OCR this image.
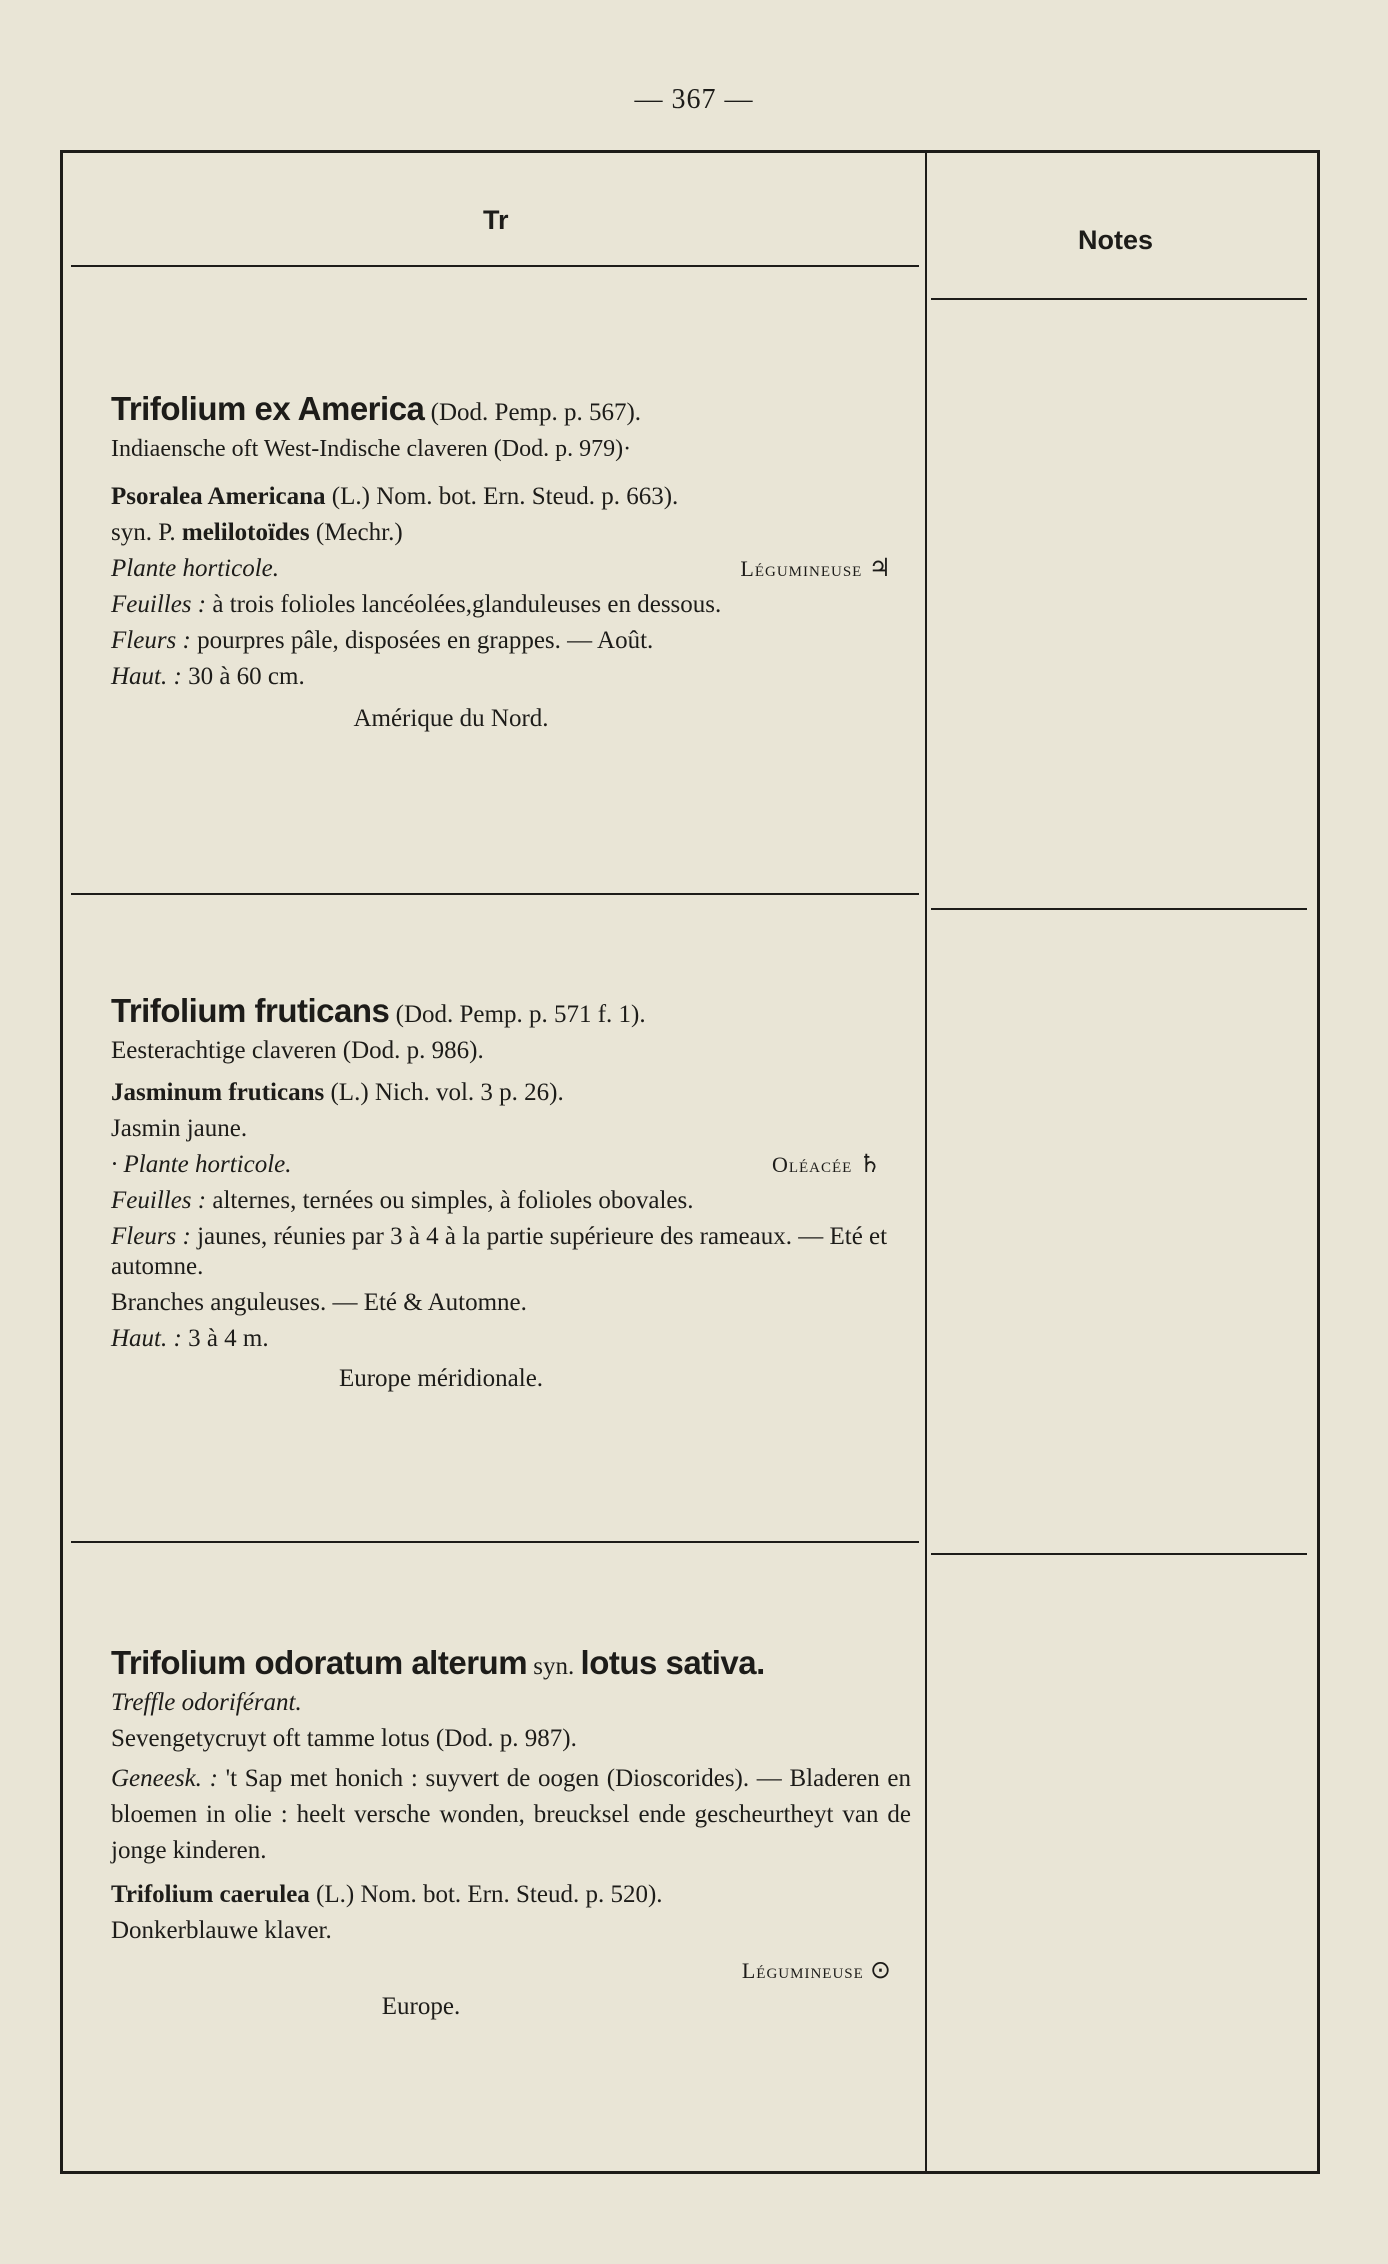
— 367 —
Tr
Notes
Trifolium ex America (Dod. Pemp. p. 567).
Indiaensche oft West-Indische claveren (Dod. p. 979)·
Psoralea Americana (L.) Nom. bot. Ern. Steud. p. 663).
syn. P. melilotoïdes (Mechr.)
Plante horticole.	Légumineuse ♃
Feuilles : à trois folioles lancéolées,glanduleuses en dessous.
Fleurs : pourpres pâle, disposées en grappes. — Août.
Haut. : 30 à 60 cm.
Amérique du Nord.
Trifolium fruticans (Dod. Pemp. p. 571 f. 1).
Eesterachtige claveren (Dod. p. 986).
Jasminum fruticans (L.) Nich. vol. 3 p. 26).
Jasmin jaune.
· Plante horticole.	Oléacée ♄
Feuilles : alternes, ternées ou simples, à folioles obovales.
Fleurs : jaunes, réunies par 3 à 4 à la partie supérieure des rameaux. — Eté et automne.
Branches anguleuses. — Eté & Automne.
Haut. : 3 à 4 m.
Europe méridionale.
Trifolium odoratum alterum syn. lotus sativa.
Treffle odoriférant.
Sevengetycruyt oft tamme lotus (Dod. p. 987).
Geneesk. : 't Sap met honich : suyvert de oogen (Dioscorides). — Bladeren en bloemen in olie : heelt versche wonden, breucksel ende gescheurtheyt van de jonge kinderen.
Trifolium caerulea (L.) Nom. bot. Ern. Steud. p. 520).
Donkerblauwe klaver.
Légumineuse ⊙
Europe.
